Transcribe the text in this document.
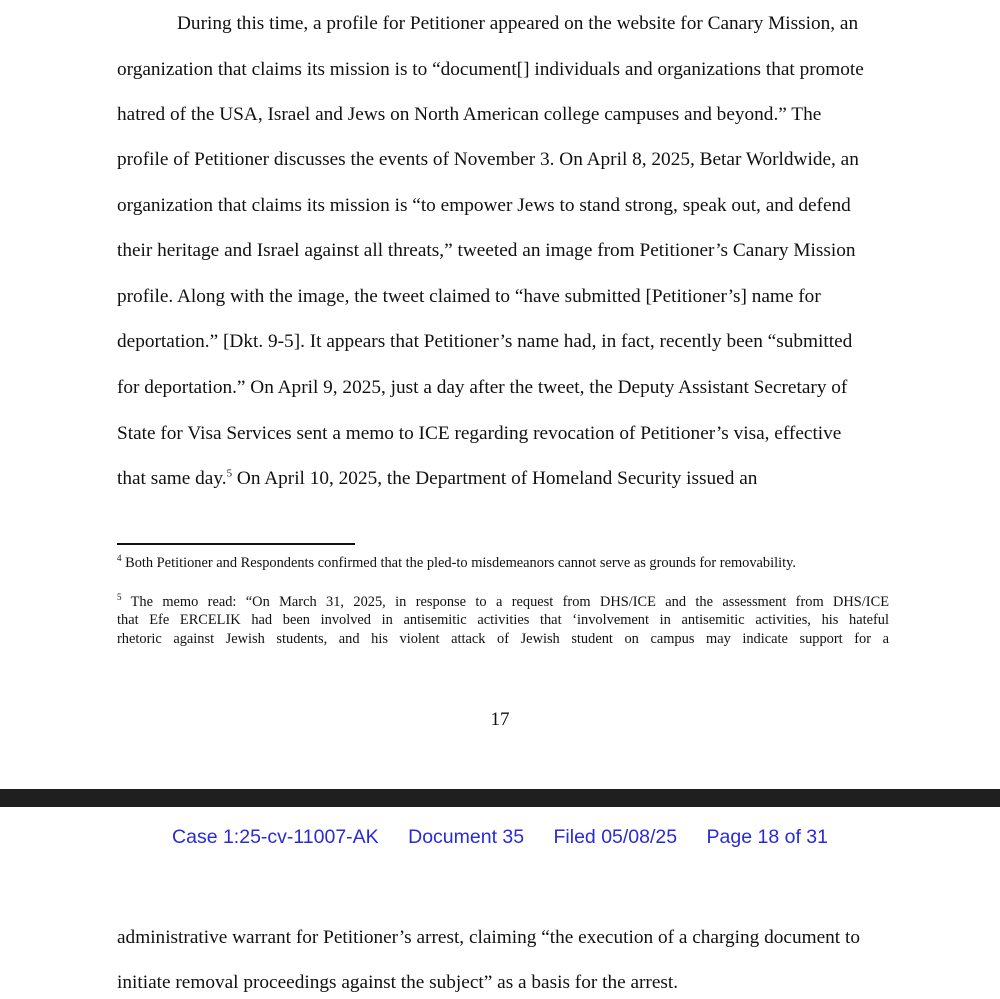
During this time, a profile for Petitioner appeared on the website for Canary Mission, an

organization that claims its mission is to “document[] individuals and organizations that promote

hatred of the USA, Israel and Jews on North American college campuses and beyond.” The

profile of Petitioner discusses the events of November 3. On April 8, 2025, Betar Worldwide, an

organization that claims its mission is “to empower Jews to stand strong, speak out, and defend

their heritage and Israel against all threats,” tweeted an image from Petitioner’s Canary Mission

profile. Along with the image, the tweet claimed to “have submitted [Petitioner’s] name for

deportation.” [Dkt. 9-5]. It appears that Petitioner’s name had, in fact, recently been “submitted

for deportation.” On April 9, 2025, just a day after the tweet, the Deputy Assistant Secretary of

State for Visa Services sent a memo to ICE regarding revocation of Petitioner’s visa, effective

that same day.$^5$ On April 10, 2025, the Department of Homeland Security issued an

$^4$ Both Petitioner and Respondents confirmed that the pled-to misdemeanors cannot serve as grounds for removability.

$^5$ The memo read: “On March 31, 2025, in response to a request from DHS/ICE and the assessment from DHS/ICE

that Efe ERCELIK had been involved in antisemitic activities that ‘involvement in antisemitic activities, his hateful

rhetoric against Jewish students, and his violent attack of Jewish student on campus may indicate support for a

17
Case 1:25-cv-11007-AK Document 35 Filed 05/08/25 Page 18 of 31

administrative warrant for Petitioner’s arrest, claiming “the execution of a charging document to

initiate removal proceedings against the subject” as a basis for the arrest.
